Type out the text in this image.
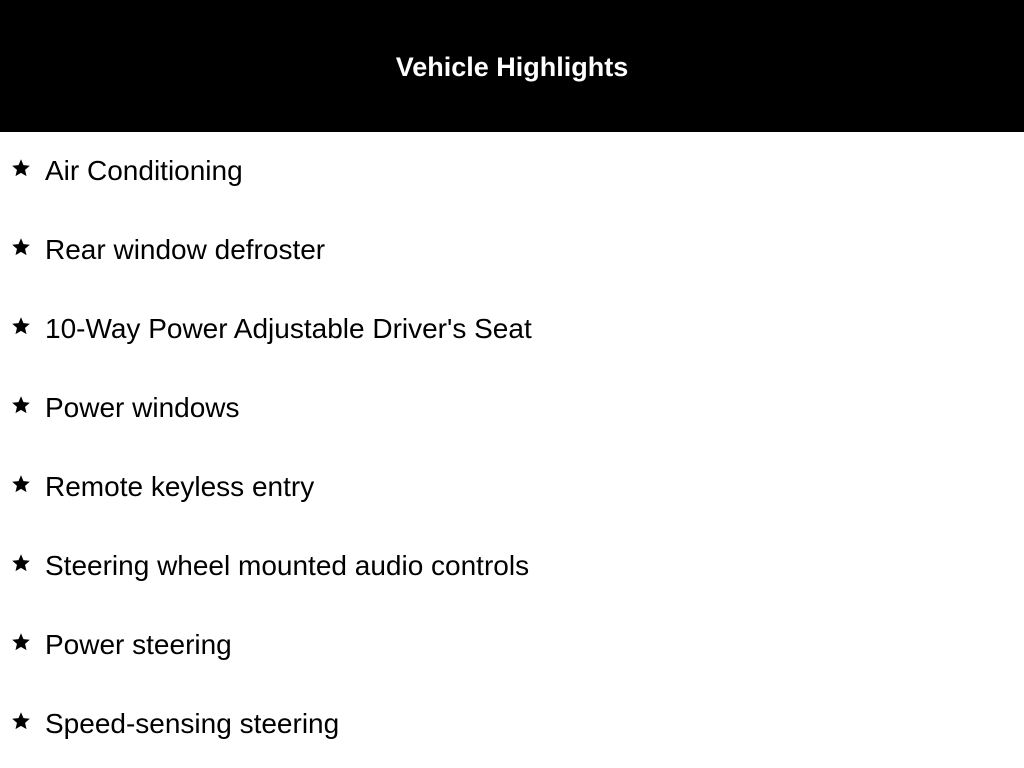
Vehicle Highlights
Air Conditioning
Rear window defroster
10-Way Power Adjustable Driver's Seat
Power windows
Remote keyless entry
Steering wheel mounted audio controls
Power steering
Speed-sensing steering
